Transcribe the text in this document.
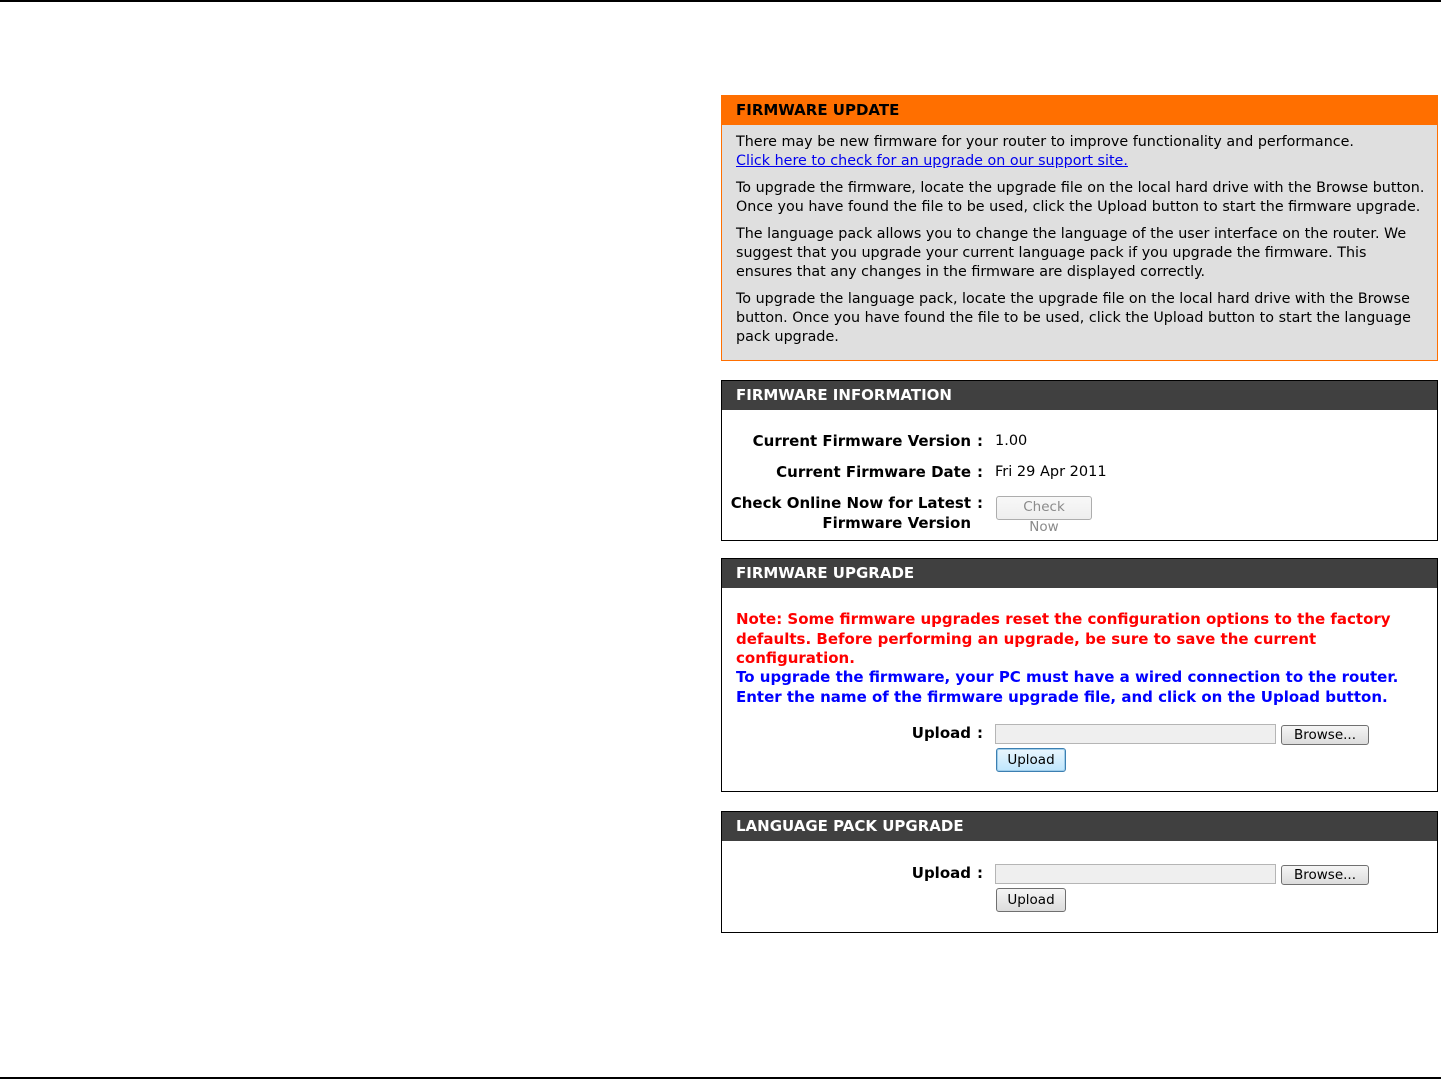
FIRMWARE UPDATE

There may be new firmware for your router to improve functionality and performance.
Click here to check for an upgrade on our support site.

To upgrade the firmware, locate the upgrade file on the local hard drive with the Browse button. Once you have found the file to be used, click the Upload button to start the firmware upgrade.

The language pack allows you to change the language of the user interface on the router. We suggest that you upgrade your current language pack if you upgrade the firmware. This ensures that any changes in the firmware are displayed correctly.

To upgrade the language pack, locate the upgrade file on the local hard drive with the Browse button. Once you have found the file to be used, click the Upload button to start the language pack upgrade.

FIRMWARE INFORMATION
Current Firmware Version : 1.00
Current Firmware Date : Fri 29 Apr 2011
Check Online Now for Latest
Firmware Version
:	Check Now
FIRMWARE UPGRADE
Note: Some firmware upgrades reset the configuration options to the factory defaults. Before performing an upgrade, be sure to save the current configuration.
To upgrade the firmware, your PC must have a wired connection to the router. Enter the name of the firmware upgrade file, and click on the Upload button.
Upload :	Browse...
Upload
LANGUAGE PACK UPGRADE
Upload :	Browse...
Upload
